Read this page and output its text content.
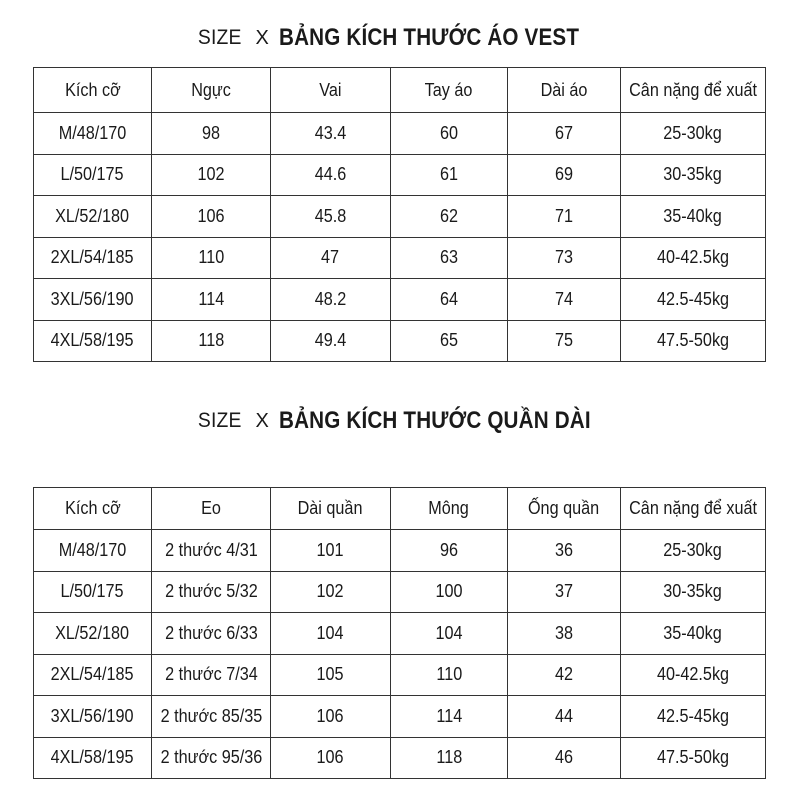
SIZE X BẢNG KÍCH THƯỚC ÁO VEST
Kích cỡ	Ngực	Vai	Tay áo	Dài áo	Cân nặng để xuất
M/48/170	98	43.4	60	67	25-30kg
L/50/175	102	44.6	61	69	30-35kg
XL/52/180	106	45.8	62	71	35-40kg
2XL/54/185	110	47	63	73	40-42.5kg
3XL/56/190	114	48.2	64	74	42.5-45kg
4XL/58/195	118	49.4	65	75	47.5-50kg
SIZE X BẢNG KÍCH THƯỚC QUẦN DÀI
Kích cỡ	Eo	Dài quần	Mông	Ống quần	Cân nặng để xuất
M/48/170	2 thước 4/31	101	96	36	25-30kg
L/50/175	2 thước 5/32	102	100	37	30-35kg
XL/52/180	2 thước 6/33	104	104	38	35-40kg
2XL/54/185	2 thước 7/34	105	110	42	40-42.5kg
3XL/56/190	2 thước 85/35	106	114	44	42.5-45kg
4XL/58/195	2 thước 95/36	106	118	46	47.5-50kg
